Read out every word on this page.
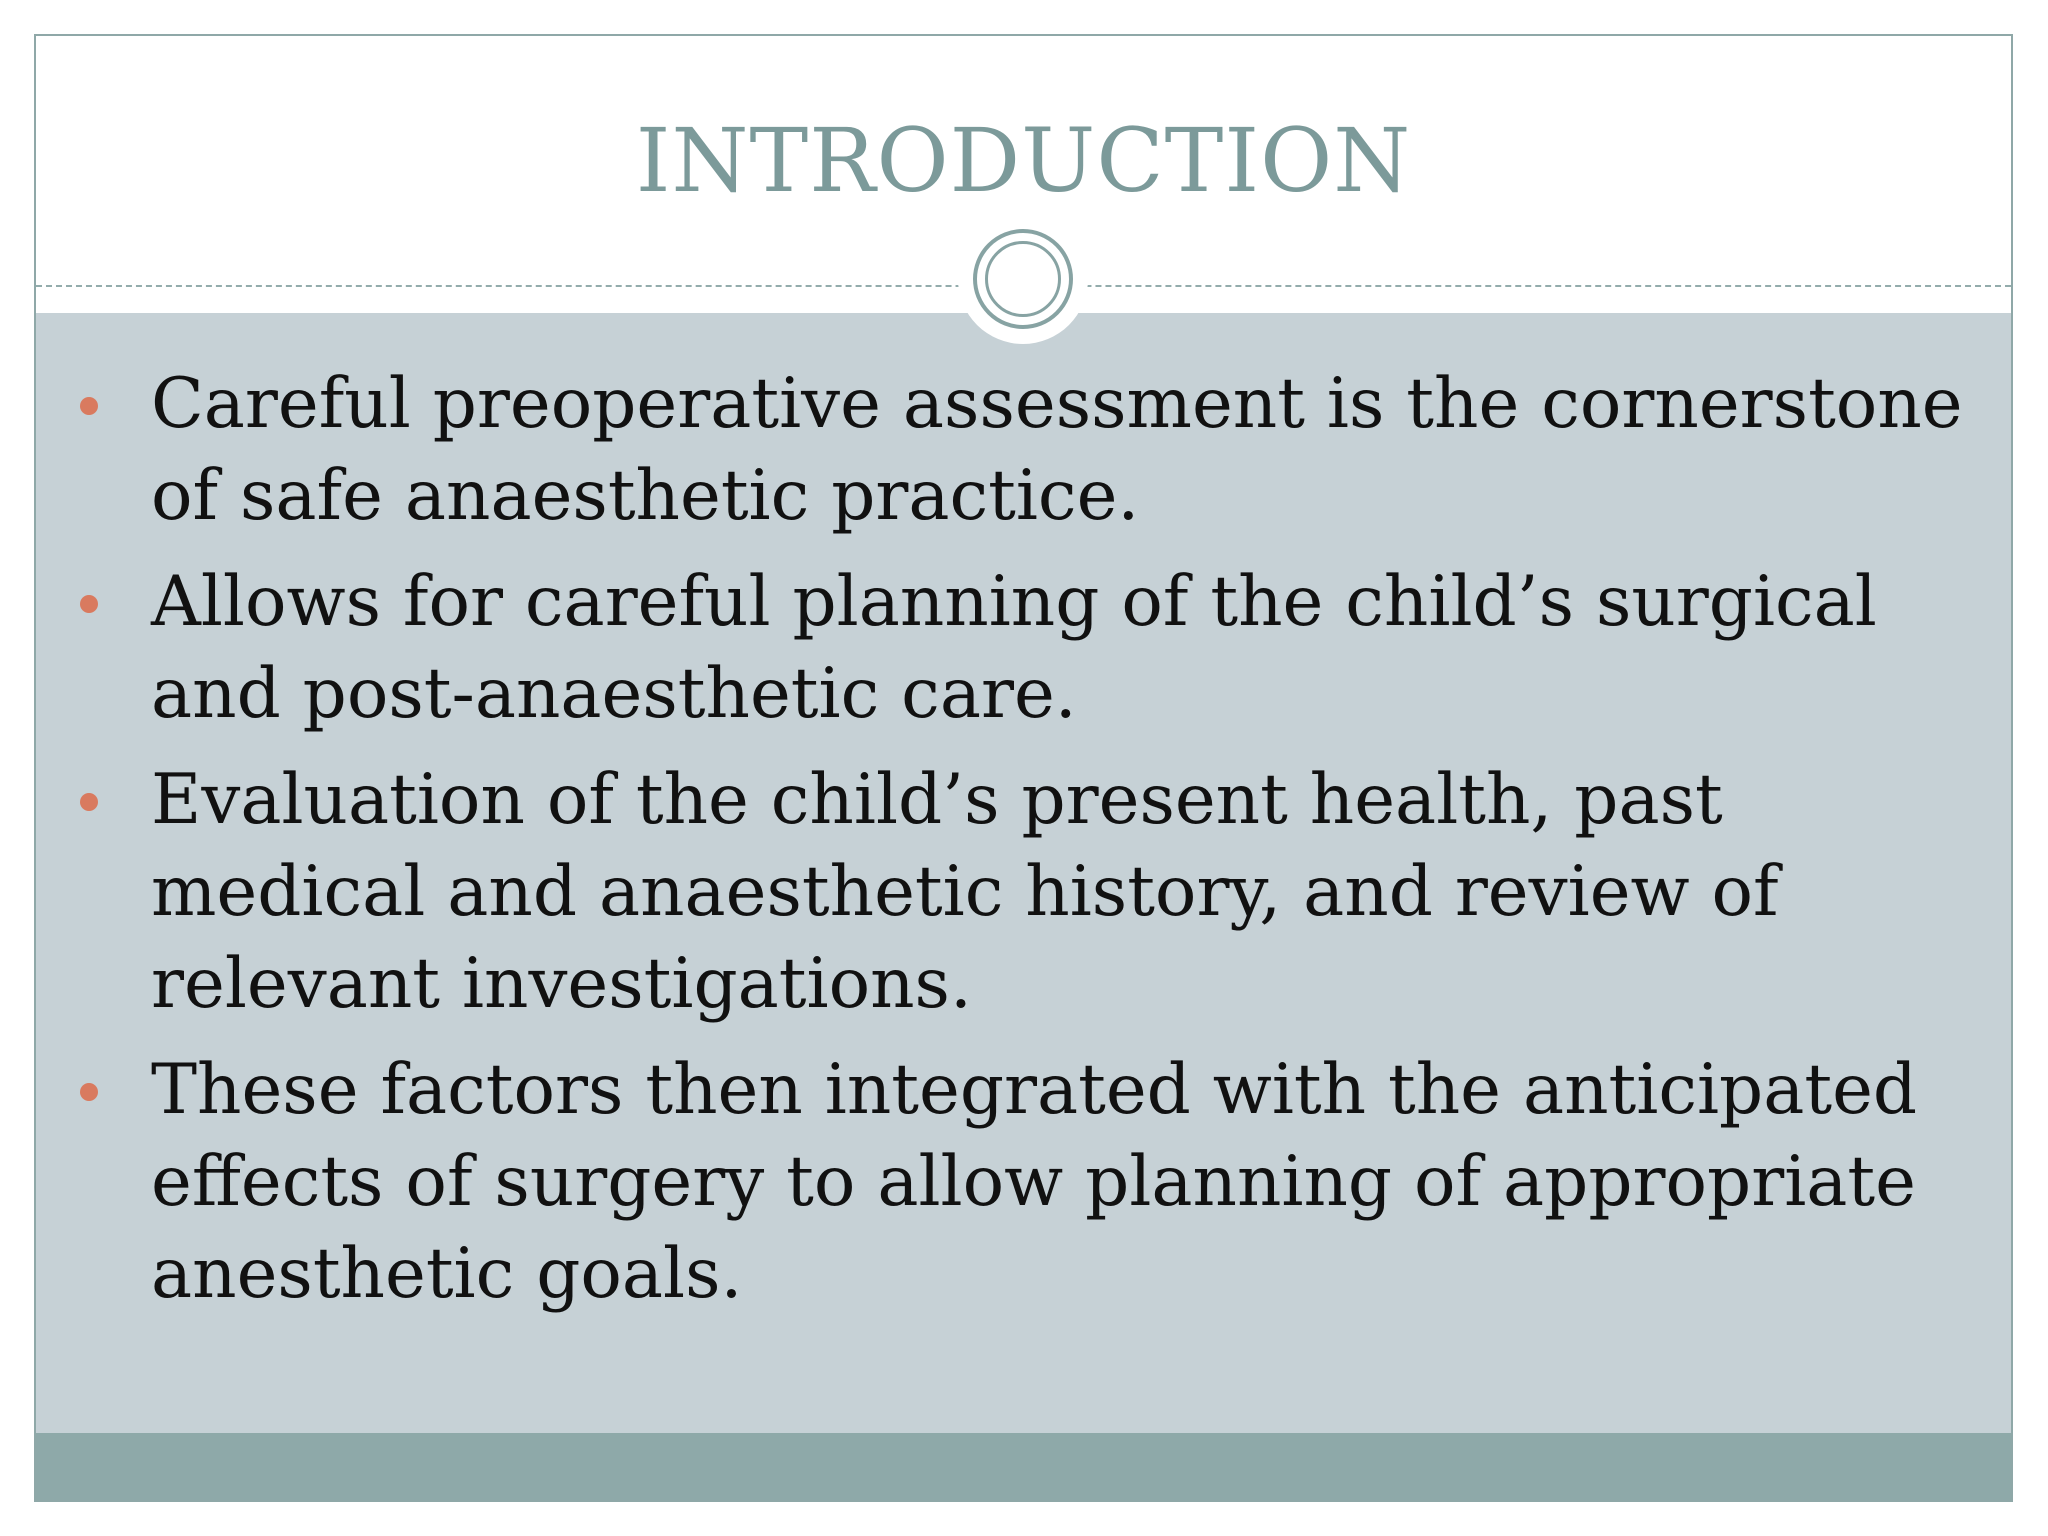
INTRODUCTION
Careful preoperative assessment is the cornerstone of safe anaesthetic practice.
Allows for careful planning of the child’s surgical and post-anaesthetic care.
Evaluation of the child’s present health, past medical and anaesthetic history, and review of relevant investigations.
These factors then integrated with the anticipated effects of surgery to allow planning of appropriate anesthetic goals.
